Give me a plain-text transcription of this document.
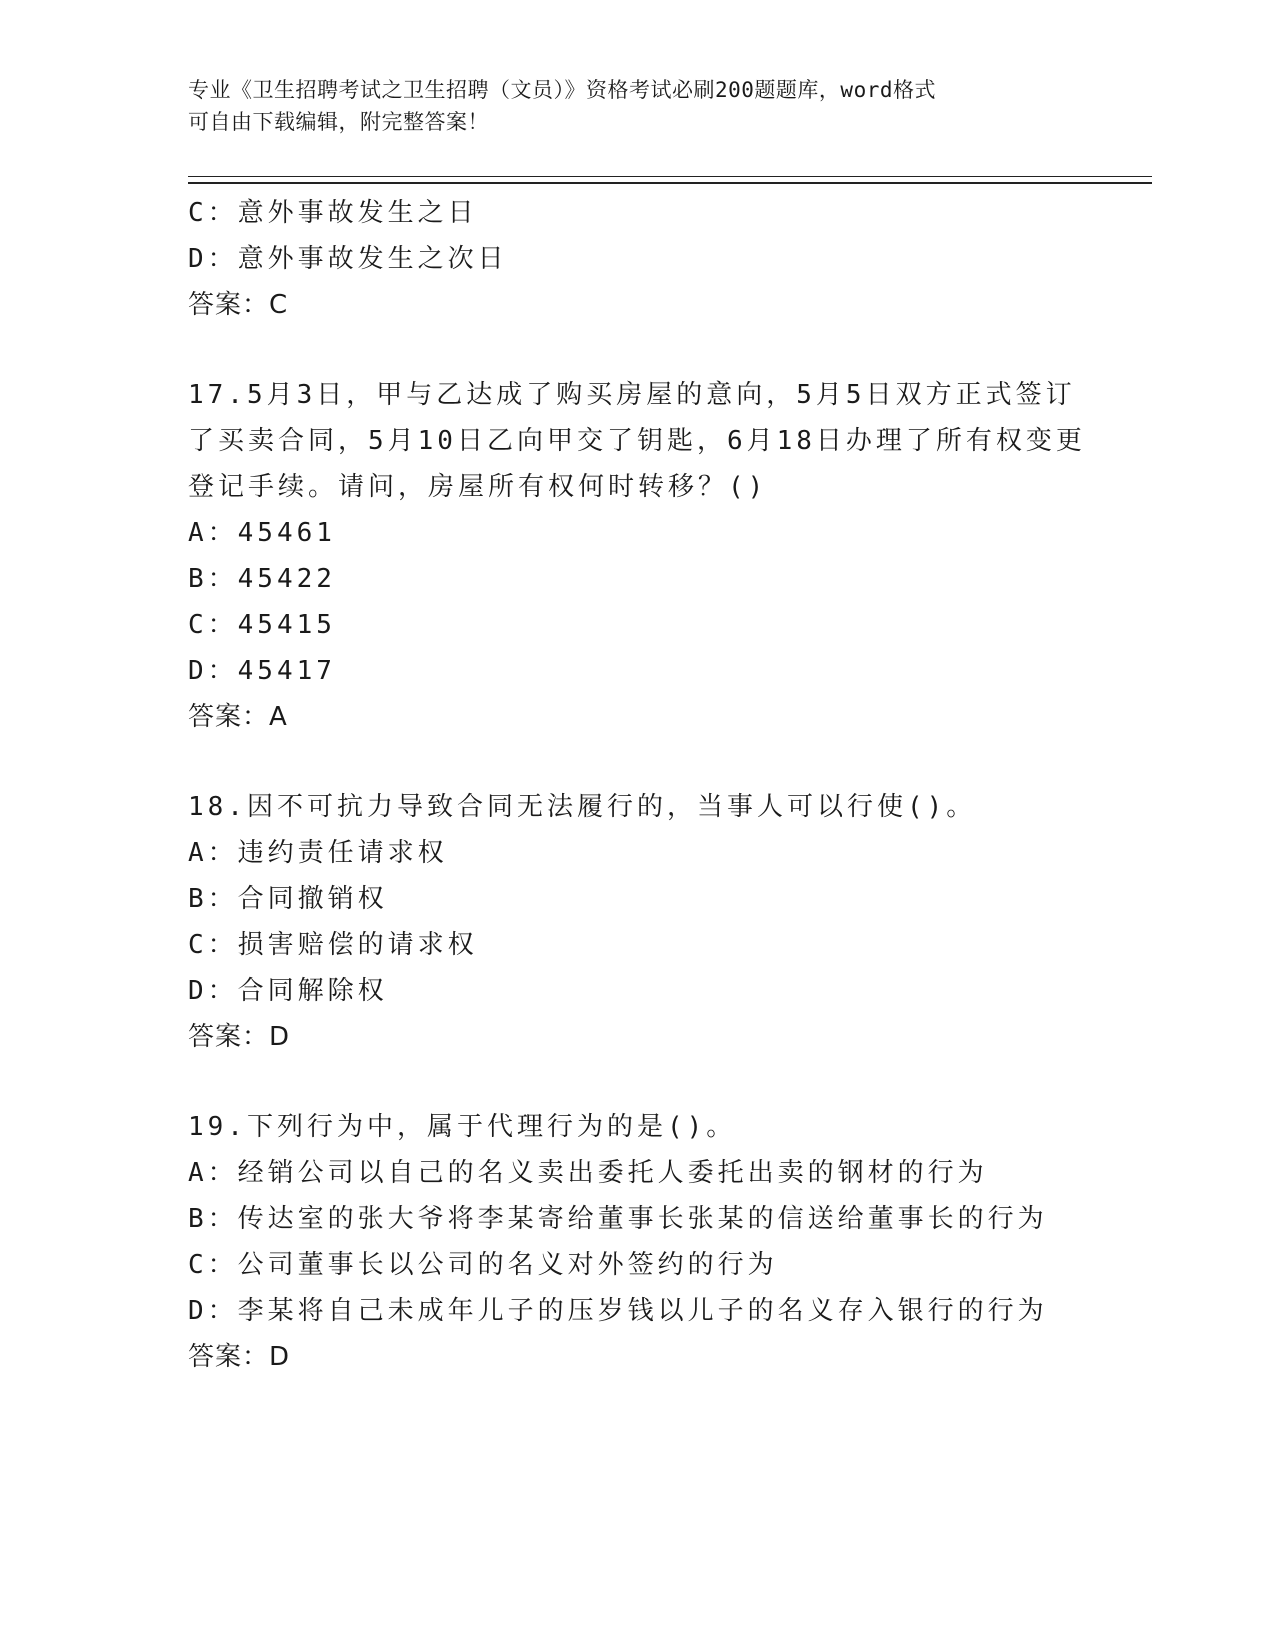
专业《卫生招聘考试之卫生招聘（文员）》资格考试必刷200题题库，word格式
可自由下载编辑，附完整答案！
C：意外事故发生之日
D：意外事故发生之次日
答案：C
17.5月3日，甲与乙达成了购买房屋的意向，5月5日双方正式签订
了买卖合同，5月10日乙向甲交了钥匙，6月18日办理了所有权变更
登记手续。请问，房屋所有权何时转移？()
A：45461
B：45422
C：45415
D：45417
答案：A
18.因不可抗力导致合同无法履行的，当事人可以行使()。
A：违约责任请求权
B：合同撤销权
C：损害赔偿的请求权
D：合同解除权
答案：D
19.下列行为中，属于代理行为的是()。
A：经销公司以自己的名义卖出委托人委托出卖的钢材的行为
B：传达室的张大爷将李某寄给董事长张某的信送给董事长的行为
C：公司董事长以公司的名义对外签约的行为
D：李某将自己未成年儿子的压岁钱以儿子的名义存入银行的行为
答案：D
